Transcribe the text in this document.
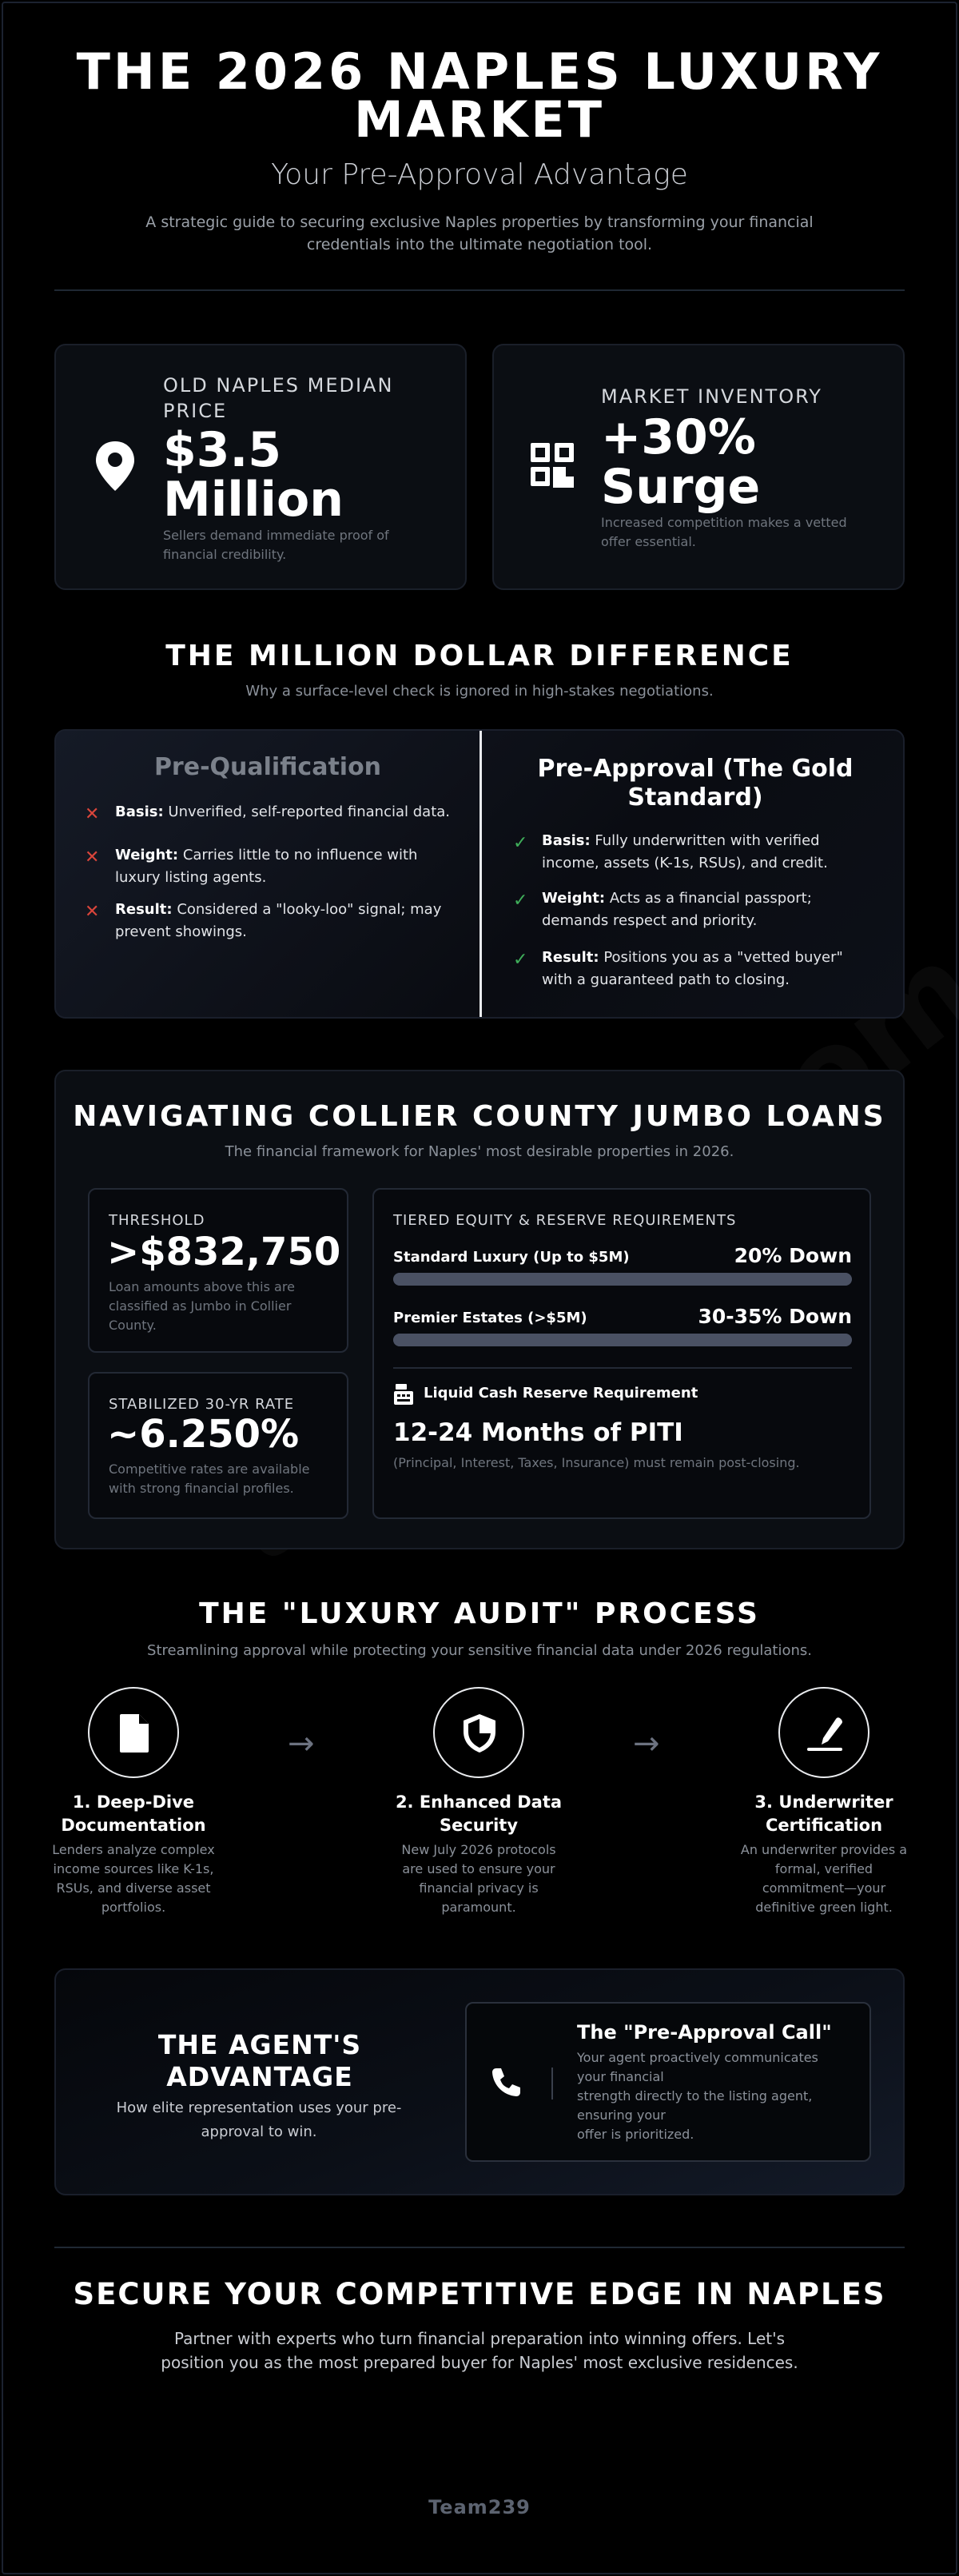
THE 2026 NAPLES LUXURY MARKET
Your Pre-Approval Advantage

A strategic guide to securing exclusive Naples properties by transforming your financial credentials into the ultimate negotiation tool.

OLD NAPLES MEDIAN PRICE
$3.5 Million
Sellers demand immediate proof of financial credibility.
MARKET INVENTORY
+30% Surge
Increased competition makes a vetted offer essential.
THE MILLION DOLLAR DIFFERENCE
Why a surface-level check is ignored in high-stakes negotiations.
Pre-Qualification
✕ Basis: Unverified, self-reported financial data.
✕ Weight: Carries little to no influence with luxury listing agents.
✕ Result: Considered a "looky-loo" signal; may prevent showings.
Pre-Approval (The Gold Standard)
✓ Basis: Fully underwritten with verified income, assets (K-1s, RSUs), and credit.
✓ Weight: Acts as a financial passport; demands respect and priority.
✓ Result: Positions you as a "vetted buyer" with a guaranteed path to closing.
NAVIGATING COLLIER COUNTY JUMBO LOANS
The financial framework for Naples' most desirable properties in 2026.
THRESHOLD
>$832,750
Loan amounts above this are classified as Jumbo in Collier County.
STABILIZED 30-YR RATE
~6.250%
Competitive rates are available with strong financial profiles.
TIERED EQUITY & RESERVE REQUIREMENTS
Standard Luxury (Up to $5M)	20% Down
Premier Estates (>$5M)	30-35% Down
Liquid Cash Reserve Requirement
12-24 Months of PITI
(Principal, Interest, Taxes, Insurance) must remain post-closing.
THE "LUXURY AUDIT" PROCESS
Streamlining approval while protecting your sensitive financial data under 2026 regulations.
1. Deep-Dive Documentation
Lenders analyze complex income sources like K-1s, RSUs, and diverse asset portfolios.
→
2. Enhanced Data Security
New July 2026 protocols are used to ensure your financial privacy is paramount.
→
3. Underwriter Certification
An underwriter provides a formal, verified commitment—your definitive green light.
THE AGENT'S ADVANTAGE
How elite representation uses your pre-approval to win.
The "Pre-Approval Call"
Your agent proactively communicates
your financial
strength directly to the listing agent,
ensuring your
offer is prioritized.
SECURE YOUR COMPETITIVE EDGE IN NAPLES

Partner with experts who turn financial preparation into winning offers. Let's position you as the most prepared buyer for Naples' most exclusive residences.

Team239
